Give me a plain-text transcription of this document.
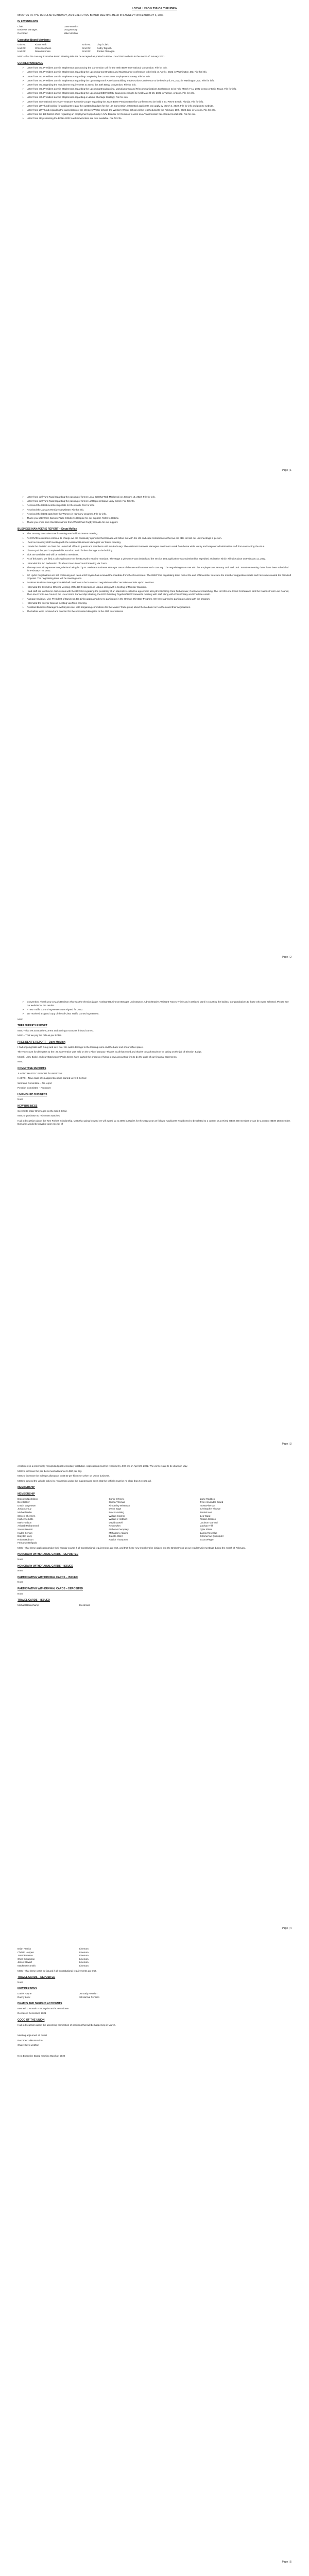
LOCAL UNION 258 OF THE IBEW
MINUTES OF THE REGULAR FEBRUARY, 2021 EXECUTIVE BOARD MEETING HELD IN LANGLEY ON FEBRUARY 3, 2021
IN ATTENDANCE
Chair:	Dave McMinn
Business Manager:	Doug McKay
Recorder:	Mike McMinn
Executive Board Members:
Unit #1:	Klaus Kraft	Unit #4:	Lloyd Clark
Unit #2:	Chris Stephens	Unit #5:	Colby Tagwith
Unit #3:	Dean Hickman	Unit #6:	Jordan Flanagan

MSC – that the January Executive Board Meeting Minutes be accepted as posted to IBEW Local 258's website in the month of January 2021.

CORRESPONDENCE
➢ Letter from I.O. President Lonnie Stephenson announcing the Convention call for the 40th IBEW International Convention. File for info.
➢ Letter from I.O. President Lonnie Stephenson regarding the upcoming Construction and Maintenance conference to be held on April 1, 2022 in Washington, DC. File for info.
➢ Letter from I.O. President Lonnie Stephenson regarding completing the Construction Employment Survey. File for info.
➢ Letter from I.O. President Lonnie Stephenson regarding the upcoming North American Building Trades Union Conference to be held April 2-4, 2022 in Washington, DC. File for info.
➢ Letter from I.O. regarding the recruitment requirements to attend the 40th IBEW Convention. File for info.
➢ Letter from I.O. President Lonnie Stephenson regarding the upcoming Broadcasting, Manufacturing and Telecommunications Conference to be held March 7-11, 2022 in San Antonio Texas. File for info.
➢ Letter from I.O. President Lonnie Stephenson regarding the upcoming IBEW Safety Caucus meeting to be held May 23-26, 2022 in Tucson, Arizona. File for info.
➢ Letter from I.O. President Lonnie Stephenson regarding a Labour Shortage Strategy. File for info.
➢ Letter from International Secretary Treasurer Kenneth Cooper regarding the 2022 IBEW Pension Benefits Conference to be held in St. Pete's Beach, Florida. File for info.
➢ Letter from LIFT fund looking for applicants to pay the outstanding dues for the I.O. Convention. Interested applicants can apply by March 4, 2022. File for info and post to website.
➢ Letter from LIFT fund regarding the cancellation of the Western Winter school, the Western Winter school will be rescheduled to the February 18th, 2022 date in Victoria. File for info.
➢ Letter from the 1st District office regarding an employment opportunity in IVM Director for Common to work on a Transmission bar. Contact Local 602. File for info.
➢ Letter from IIE presenting the BCNA 2022 card show tickets are now available. File for info.
Page | 1
➢ Letter from Jeff Turn Road regarding the passing of former Local 638 RW Rob Marlowski on January 18, 2022. File for info.
➢ Letter from Jeff Turn Road regarding the passing of former LU Representative Larry Schell. File for info.
➢ Received the latest membership stats for the month. File for info.
➢ Received the January Renfare Newsletter. File for info.
➢ Received the latest stats from the Women in Harmony program. File for info.
➢ Thank you letter from Canuck Place Children's Hospice for our support. Refer to Hotline.
➢ Thank you email from Gail Havvasnick from Wheelchair Rugby Canada for our support.
BUSINESS MANAGER'S REPORT – Doug McKay
➢ The January Executive Board Meeting was held via Teams meeting.
➢ As COVID restrictions continue to change we are cautiously optimistic that Canada will follow suit with the US and ease restrictions so that we are able to hold our unit meetings in person.
➢ I held our monthly staff meeting with the Assistant Business Managers via Teams meeting.
➢ I made the decision to close the Union hall office to guests and members until mid-February. The Assistant Business Managers continue to work from home while we try and keep our administrative staff from contracting the virus.
➢ Clean-up of the yard completed this month to avoid further damage to the building.
➢ Bids are available and will be mailed to members.
➢ As of this week, we filed a policy grievance on the BC Hydro vaccine mandate. The stage 2 grievance was denied and the section 104 application was submitted for expedited arbitration which will take place on February 11, 2022.
➢ I attended the BC Federation of Labour Executive Council meeting via Zoom.
➢ The Hepcon Link agreement negotiations being led by FL Assistant Business Manager Jesus Elaborate wall commence in January. The negotiating team met with the employers on January 14th and 18th. Tentative meeting dates have been scheduled for February 7-8, 2022.
➢ BC Hydro Negotiations are still continuing and rates at BC Hydro has received the mandate from the Government. The IBEW 258 negotiating team met at the end of November to review the member suggestion sheets and have now created the first draft proposal. The negotiating team will be meeting soon.
➢ Assistant Business Manager Ken Mitchell continues to be in contract negotiations with Cascade Mountain Hydro Services.
➢ I attended the Executive Officers Meeting of the BC Federation of Labour along with a briefing of Minister Mastrom.
➢ I and staff are involved in discussions with the BCGEU regarding the possibility of an alternative collective agreement at Hydro Electricity Rent Turbopower, Contractors Switching, The 1st SD Lime Coast Conference with the Nations Front Line Council, The Lime Front Line Council, the Local Union Partnership Meeting, the BCRI/Meeting Together/IBEW Stewards meeting with staff along with Chris O'Riley and Charlotte Antelo.
➢ Ramage Cruiskys, Vice President of Business, BC Links approached me to participate in the Orange Shirt Day Program. We have agreed to participate along with the program.
➢ I attended the Interior Caucus meeting via Zoom meeting.
➢ Assistant Business Manager Levi Mayson met with bargaining committees for the Master Trade group about the Mediator on Northern and their negotiations.
➢ The ballots were received and counted for the nominated delegates to the 40th International
Page | 2
➢ Convention. Thank you to Mark Davison who was the election judge, Assistant Business Manager Levi Mayson, Administrative Assistant Tracey Thiele and I assisted Mark in counting the ballots. Congratulations to those who were selected. Please see our website for the results.
➢ A new Traffic Control Agreement was signed for 2022.
➢ We received a signed copy of the All Clear Traffic Control Agreement.

MSC

TREASURER'S REPORT

MSC – that we accept the Current and Savings Accounts if found correct.

MSC – That we pay the bills as per BDDS.

PRESIDENT'S REPORT – Dave McMinn

I had ongoing talks with Doug and Levi over the water damage to the training room and the back end of our office space.

The vote count for delegates to the I.O. Convention was held on the 17th of January. Thanks to all that voted and thanks to Mark Davison for taking on the job of Election Judge.

Myself, Larry Bickel and our Gatekeeper Paula Beres have started the process of hiring a new accounting firm to do the audit of our financial statements.

MSC

COMMITTEE REPORTS

JLATTC: HAETEC REPORT for IBEW 258

HAETC – New class of 16 apprentices has started Level 1 School

Women's Committee – No report

Pension Committee – No report

UNFINISHED BUSINESS

None

NEW BUSINESS

Several to order Chinnegan as the Unit 6 Chair.

MSC to purchase 50 retirement watches.

Had a discussion about the Tom Forbes Scholarship. MSC that going forward we will award up to 2000 bursaries for the 2022 year as follows: Applicants would need to be related to a current or a retired IBEW 258 member or can be a current IBEW 258 member. Bursaries would be payable upon receipt of

Page | 3

enrollment in a provincially recognized post secondary institution. Applications must be received by 4:00 pm on April 29, 2022. The winners are to be drawn in May.

MSC to increase the per diem meal allowance to $90 per day.

MSC to increase the mileage allowance to $0.60 per kilometer when on Union business.

MSC to amend the vehicle policy by reinventing under the maintenance costs that the vehicle must be no older than 5 years old.

MEMBERSHIP
MEMBERSHIP
Brooklyn Nicholson	Conor O'Keefe	Zane Roddick
Ben Bekker	Sharla Thomas	Finn Alexander Grand
Dustin Jorgensen	Kimberley Wiseman	Ty McPherson
Jordan Arbuz	Deion Sage	Christopher Thorpe
Michael Iselin	Brock Hosking	Daniel Nett
Steven Chermirn	William Cramer	Leo Ward
Katherine Little	William J Hobhart	Tristan Gordon
Mark Hudson	David Martell	Jackson Marford
Ashaab Mohammed	Kevin Ohm	Zackary Tillf
Sarah Bennett	Nicholas Dempsey	Tyler Elissa
Kaden Senum	Mahagany Adaline	Lanka Roseblue
Braydon Lucy	Dakota Miller	Shamerrae Quinnpuhl
Robert Robson	Patrick Thompson	Scott Wieger
Fernando Delgado

MSC – that these applications take their regular course if all Constitutional requirements are met, and that these new members be initiated into the Brotherhood at our regular Unit meetings during the month of February.

HONORARY WITHDRAWAL CARDS – DEPOSITED

None

HONORARY WITHDRAWAL CARDS – ISSUED

None

PARTICIPATING WITHDRAWAL CARDS – ISSUED

None

PARTICIPATING WITHDRAWAL CARDS – DEPOSITED

None

TRAVEL CARDS – ISSUED
Michael Beauchamp	Electrician
Page | 4
Brian Franks	Lineman
Christo Hoppen	Lineman
Jared Pearson	Lineman
Chris Eckapinan	Lineman
Jason Stevert	Lineman
Mackenzie Smith	Lineman

MSC – that these cards be issued if all Constitutional requirements are met.

TRAVEL CARDS – DEPOSITED

None

NEW PERSONS
Daniel Payne	30 Early Pension
Danny Zock	30 Normal Pension
DEATHS AND SERIOUS ACCIDENTS

Kenneth J Armatin – BC Hydro and IO Pensioner

Deceased December, 2021

GOOD OF THE UNION

Had a discussion about the upcoming nomination of positions that will be happening in March.

Meeting adjourned at: 16:00

Recorder: Mike McMinn

Chair: Dave McMinn

Next Executive Board meeting March 2, 2022

Page | 5
